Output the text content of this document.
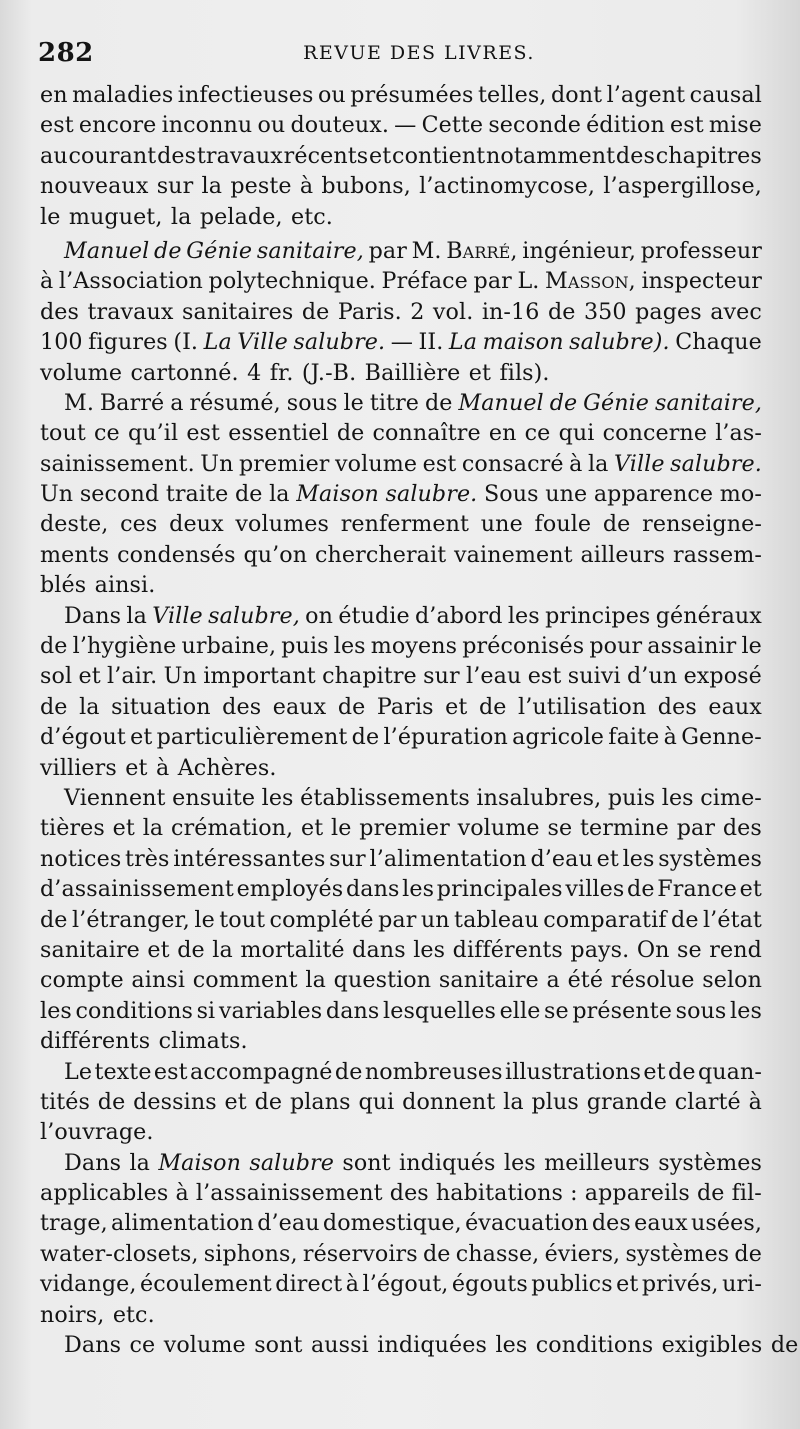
282	REVUE DES LIVRES.
en maladies infectieuses ou présumées telles, dont l’agent causal
est encore inconnu ou douteux. — Cette seconde édition est mise
au courant des travaux récents et contient notamment des chapitres
nouveaux sur la peste à bubons, l’actinomycose, l’aspergillose,
le muguet, la pelade, etc.
Manuel de Génie sanitaire, par M. Barré, ingénieur, professeur
à l’Association polytechnique. Préface par L. Masson, inspecteur
des travaux sanitaires de Paris. 2 vol. in-16 de 350 pages avec
100 figures (I. La Ville salubre. — II. La maison salubre). Chaque
volume cartonné. 4 fr. (J.-B. Baillière et fils).
M. Barré a résumé, sous le titre de Manuel de Génie sanitaire,
tout ce qu’il est essentiel de connaître en ce qui concerne l’as-
sainissement. Un premier volume est consacré à la Ville salubre.
Un second traite de la Maison salubre. Sous une apparence mo-
deste, ces deux volumes renferment une foule de renseigne-
ments condensés qu’on chercherait vainement ailleurs rassem-
blés ainsi.
Dans la Ville salubre, on étudie d’abord les principes généraux
de l’hygiène urbaine, puis les moyens préconisés pour assainir le
sol et l’air. Un important chapitre sur l’eau est suivi d’un exposé
de la situation des eaux de Paris et de l’utilisation des eaux
d’égout et particulièrement de l’épuration agricole faite à Genne-
villiers et à Achères.
Viennent ensuite les établissements insalubres, puis les cime-
tières et la crémation, et le premier volume se termine par des
notices très intéressantes sur l’alimentation d’eau et les systèmes
d’assainissement employés dans les principales villes de France et
de l’étranger, le tout complété par un tableau comparatif de l’état
sanitaire et de la mortalité dans les différents pays. On se rend
compte ainsi comment la question sanitaire a été résolue selon
les conditions si variables dans lesquelles elle se présente sous les
différents climats.
Le texte est accompagné de nombreuses illustrations et de quan-
tités de dessins et de plans qui donnent la plus grande clarté à
l’ouvrage.
Dans la Maison salubre sont indiqués les meilleurs systèmes
applicables à l’assainissement des habitations : appareils de fil-
trage, alimentation d’eau domestique, évacuation des eaux usées,
water-closets, siphons, réservoirs de chasse, éviers, systèmes de
vidange, écoulement direct à l’égout, égouts publics et privés, uri-
noirs, etc.
Dans ce volume sont aussi indiquées les conditions exigibles de
